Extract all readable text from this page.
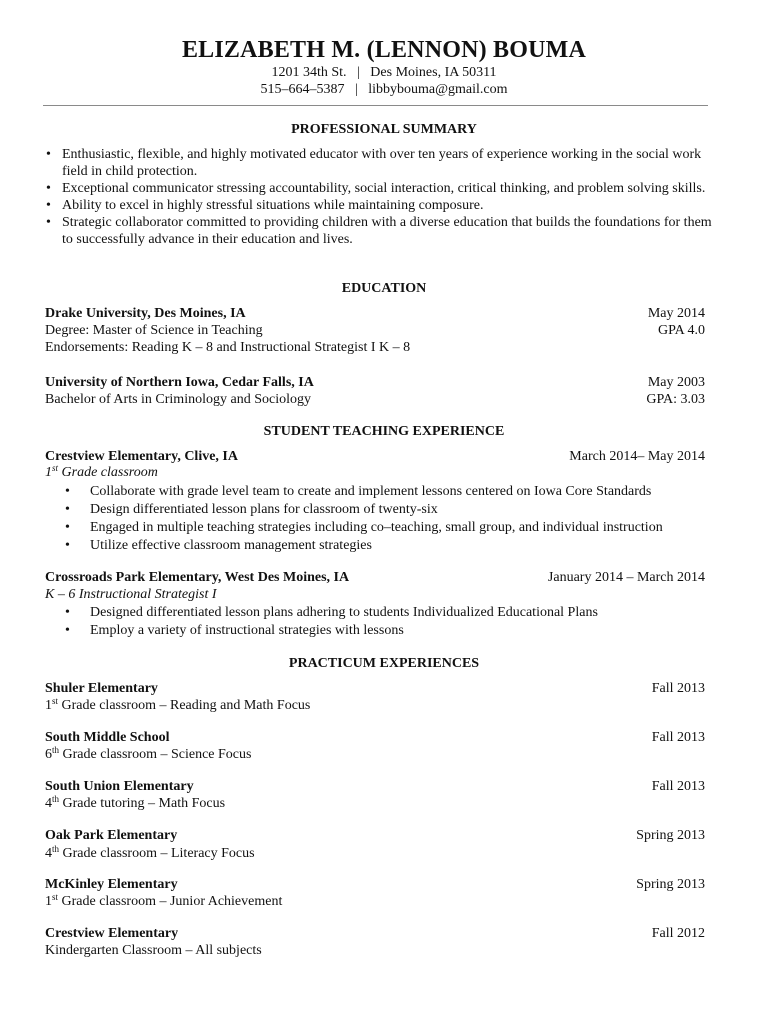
ELIZABETH M. (LENNON) BOUMA
1201 34th St.   |   Des Moines, IA 50311
515–664–5387   |   libbybouma@gmail.com
PROFESSIONAL SUMMARY
• Enthusiastic, flexible, and highly motivated educator with over ten years of experience working in the social work field in child protection.
• Exceptional communicator stressing accountability, social interaction, critical thinking, and problem solving skills.
• Ability to excel in highly stressful situations while maintaining composure.
• Strategic collaborator committed to providing children with a diverse education that builds the foundations for them to successfully advance in their education and lives.
EDUCATION
Drake University, Des Moines, IA	May 2014
Degree: Master of Science in Teaching	GPA 4.0
Endorsements: Reading K – 8 and Instructional Strategist I K – 8
University of Northern Iowa, Cedar Falls, IA	May 2003
Bachelor of Arts in Criminology and Sociology	GPA: 3.03
STUDENT TEACHING EXPERIENCE
Crestview Elementary, Clive, IA	March 2014– May 2014
1st Grade classroom
• Collaborate with grade level team to create and implement lessons centered on Iowa Core Standards
• Design differentiated lesson plans for classroom of twenty-six
• Engaged in multiple teaching strategies including co–teaching, small group, and individual instruction
• Utilize effective classroom management strategies
Crossroads Park Elementary, West Des Moines, IA	January 2014 – March 2014
K – 6 Instructional Strategist I
• Designed differentiated lesson plans adhering to students Individualized Educational Plans
• Employ a variety of instructional strategies with lessons
PRACTICUM EXPERIENCES
Shuler Elementary	Fall 2013
1st Grade classroom – Reading and Math Focus
South Middle School	Fall 2013
6th Grade classroom – Science Focus
South Union Elementary	Fall 2013
4th Grade tutoring – Math Focus
Oak Park Elementary	Spring 2013
4th Grade classroom – Literacy Focus
McKinley Elementary	Spring 2013
1st Grade classroom – Junior Achievement
Crestview Elementary	Fall 2012
Kindergarten Classroom – All subjects
